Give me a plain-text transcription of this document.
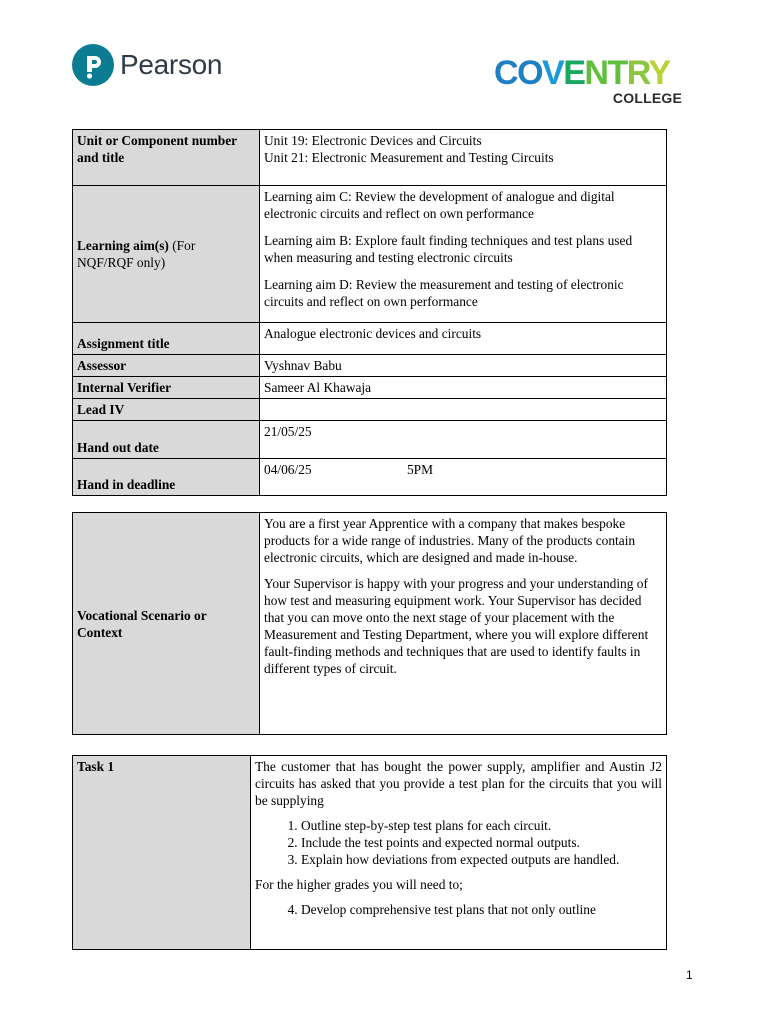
Pearson	COVENTRY
COLLEGE
Unit or Component number and title	Unit 19: Electronic Devices and Circuits
Unit 21: Electronic Measurement and Testing Circuits

Learning aim(s) (For NQF/RQF only)	Learning aim C: Review the development of analogue and digital electronic circuits and reflect on own performance

Learning aim B: Explore fault finding techniques and test plans used when measuring and testing electronic circuits

Learning aim D: Review the measurement and testing of electronic circuits and reflect on own performance

Assignment title	Analogue electronic devices and circuits
Assessor	Vyshnav Babu
Internal Verifier	Sameer Al Khawaja
Lead IV	
Hand out date	21/05/25
Hand in deadline	04/06/25 5PM
Vocational Scenario or Context	

You are a first year Apprentice with a company that makes bespoke products for a wide range of industries. Many of the products contain electronic circuits, which are designed and made in-house.

Your Supervisor is happy with your progress and your understanding of how test and measuring equipment work. Your Supervisor has decided that you can move onto the next stage of your placement with the Measurement and Testing Department, where you will explore different fault-finding methods and techniques that are used to identify faults in different types of circuit.

Task 1	The customer that has bought the power supply, amplifier and Austin J2 circuits has asked that you provide a test plan for the circuits that you will be supplying

1. Outline step-by-step test plans for each circuit.
2. Include the test points and expected normal outputs.
3. Explain how deviations from expected outputs are handled.

For the higher grades you will need to;

4. Develop comprehensive test plans that not only outline
1
